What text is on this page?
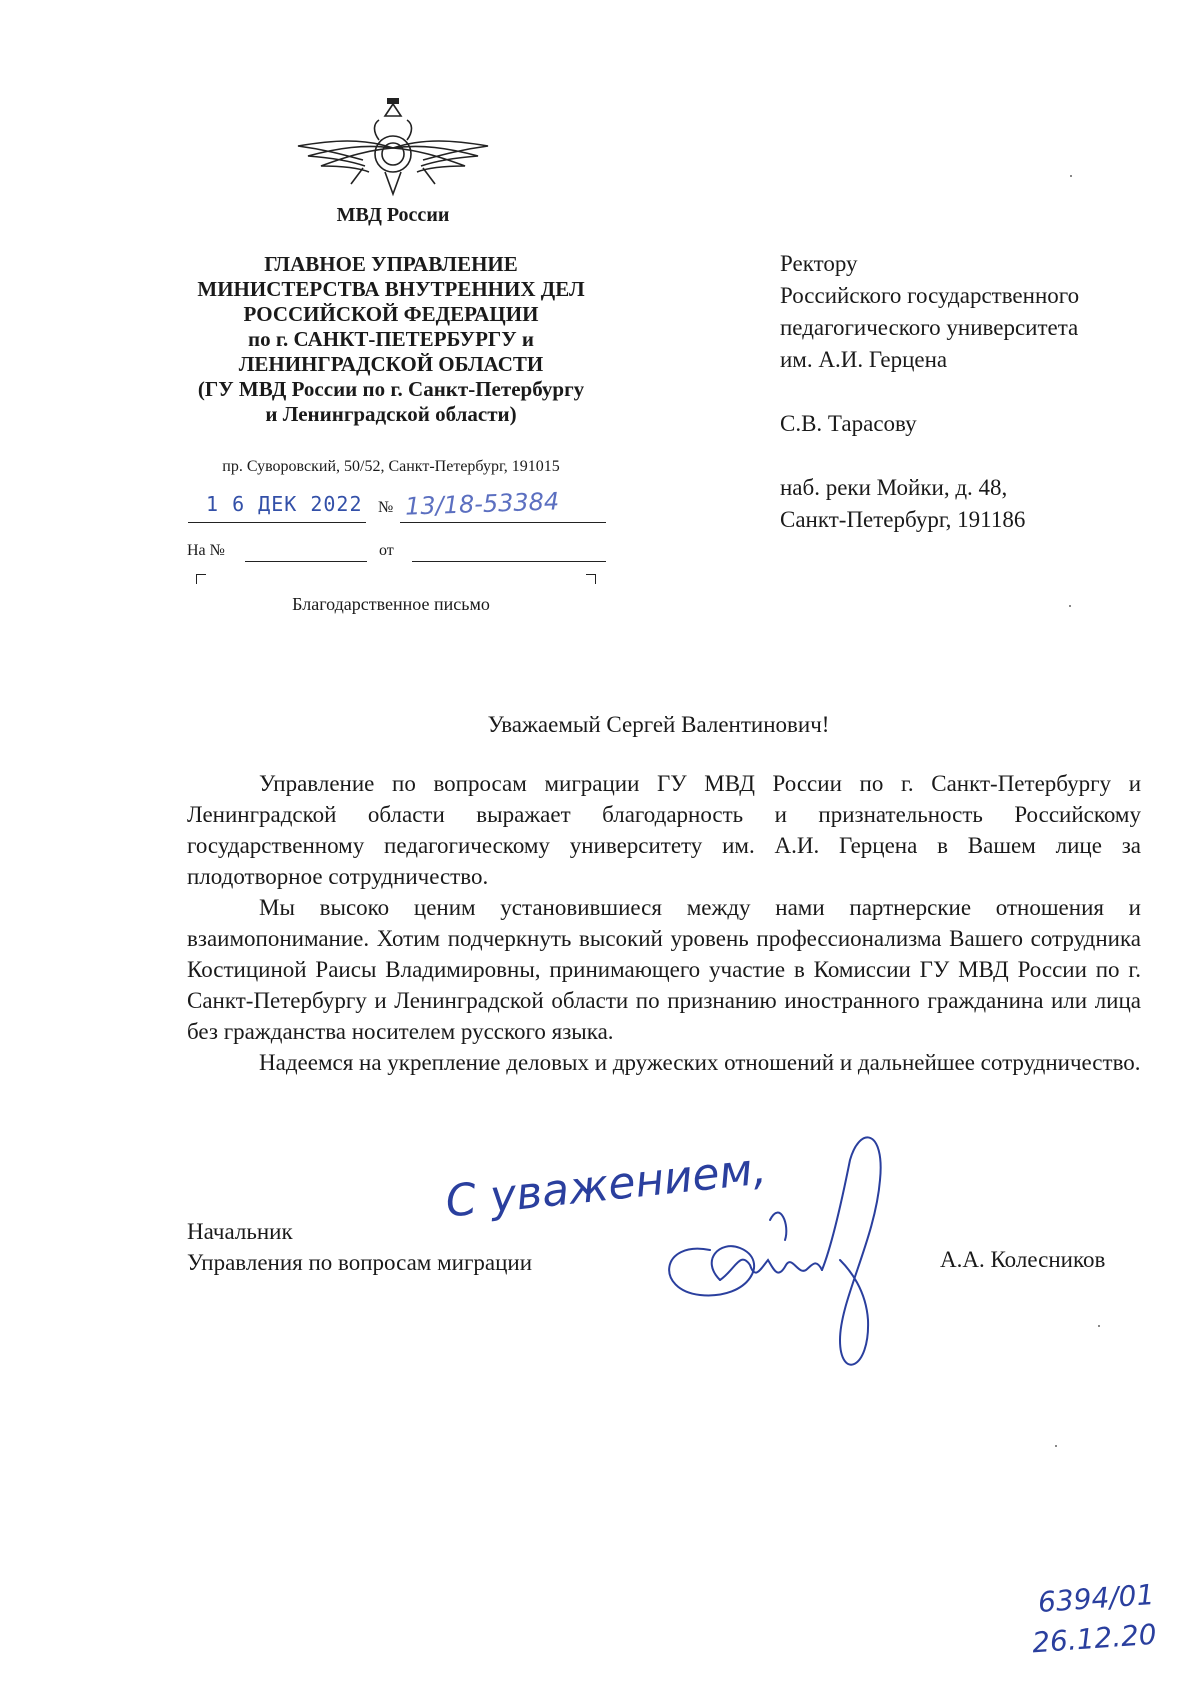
МВД России
ГЛАВНОЕ УПРАВЛЕНИЕ
МИНИСТЕРСТВА ВНУТРЕННИХ ДЕЛ
РОССИЙСКОЙ ФЕДЕРАЦИИ
по г. САНКТ-ПЕТЕРБУРГУ и
ЛЕНИНГРАДСКОЙ ОБЛАСТИ
(ГУ МВД России по г. Санкт-Петербургу
и Ленинградской области)
пр. Суворовский, 50/52, Санкт-Петербург, 191015
1 6 ДЕК 2022 № 13/18-53384
На №	от
Благодарственное письмо

Ректору

Российского государственного

педагогического университета

им. А.И. Герцена

С.В. Тарасову

наб. реки Мойки, д. 48,

Санкт-Петербург, 191186

Уважаемый Сергей Валентинович!

Управление по вопросам миграции ГУ МВД России по г. Санкт-Петербургу и Ленинградской области выражает благодарность и признательность Российскому государственному педагогическому университету им. А.И. Герцена в Вашем лице за плодотворное сотрудничество.

Мы высоко ценим установившиеся между нами партнерские отношения и взаимопонимание. Хотим подчеркнуть высокий уровень профессионализма Вашего сотрудника Костициной Раисы Владимировны, принимающего участие в Комиссии ГУ МВД России по г. Санкт-Петербургу и Ленинградской области по признанию иностранного гражданина или лица без гражданства носителем русского языка.

Надеемся на укрепление деловых и дружеских отношений и дальнейшее сотрудничество.

С уважением,
Начальник
Управления по вопросам миграции	А.А. Колесников
6394/01
26.12.20
